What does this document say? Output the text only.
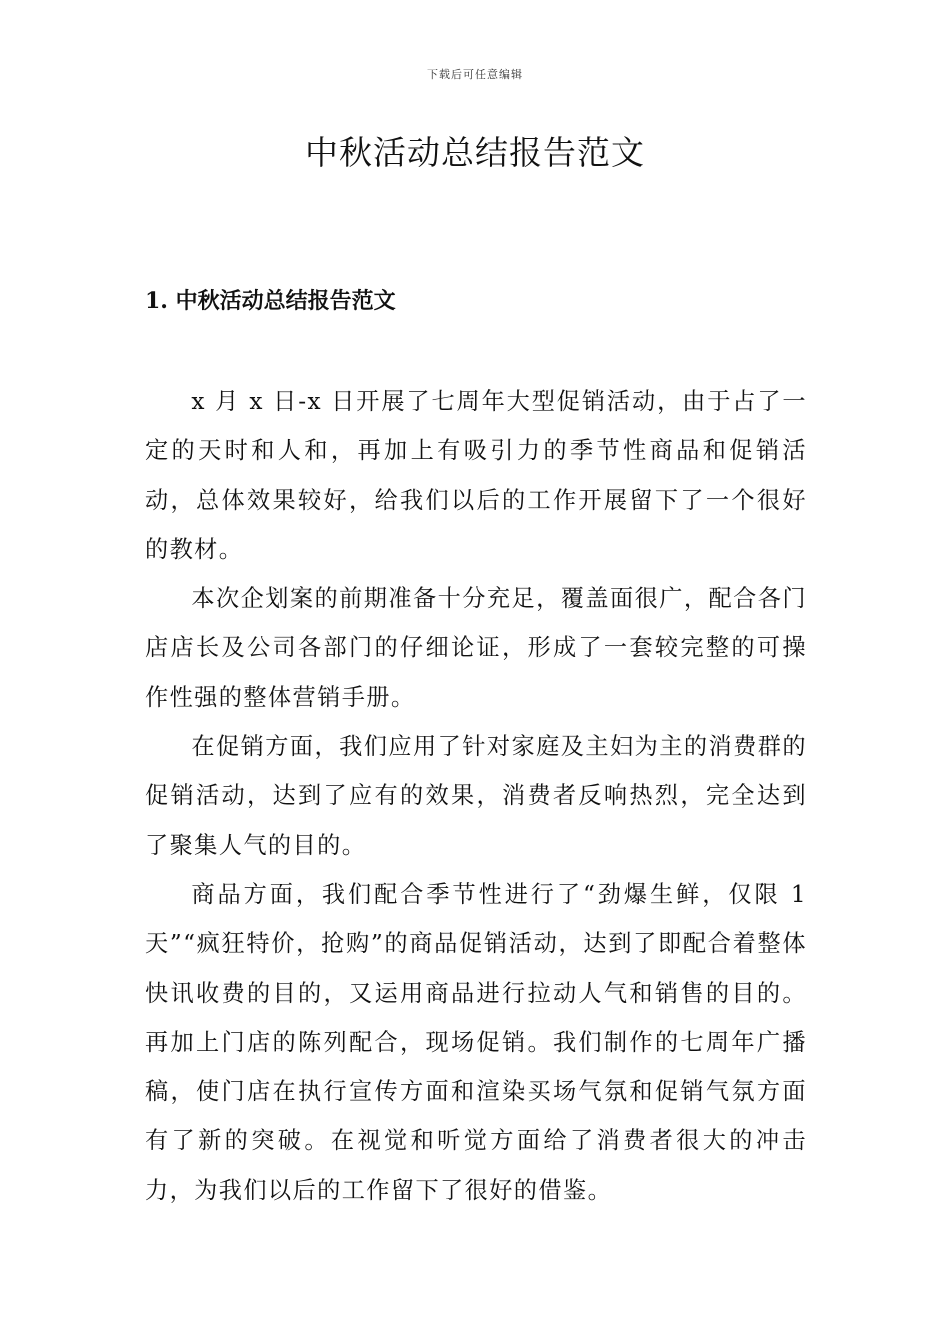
下载后可任意编辑
中秋活动总结报告范文
1. 中秋活动总结报告范文

x 月 x 日-x 日开展了七周年大型促销活动，由于占了一定的天时和人和，再加上有吸引力的季节性商品和促销活动，总体效果较好，给我们以后的工作开展留下了一个很好的教材。

本次企划案的前期准备十分充足，覆盖面很广，配合各门店店长及公司各部门的仔细论证，形成了一套较完整的可操作性强的整体营销手册。

在促销方面，我们应用了针对家庭及主妇为主的消费群的促销活动，达到了应有的效果，消费者反响热烈，完全达到了聚集人气的目的。

商品方面，我们配合季节性进行了“劲爆生鲜，仅限 1 天”“疯狂特价，抢购”的商品促销活动，达到了即配合着整体快讯收费的目的，又运用商品进行拉动人气和销售的目的。再加上门店的陈列配合，现场促销。我们制作的七周年广播稿，使门店在执行宣传方面和渲染买场气氛和促销气氛方面有了新的突破。在视觉和听觉方面给了消费者很大的冲击力，为我们以后的工作留下了很好的借鉴。
